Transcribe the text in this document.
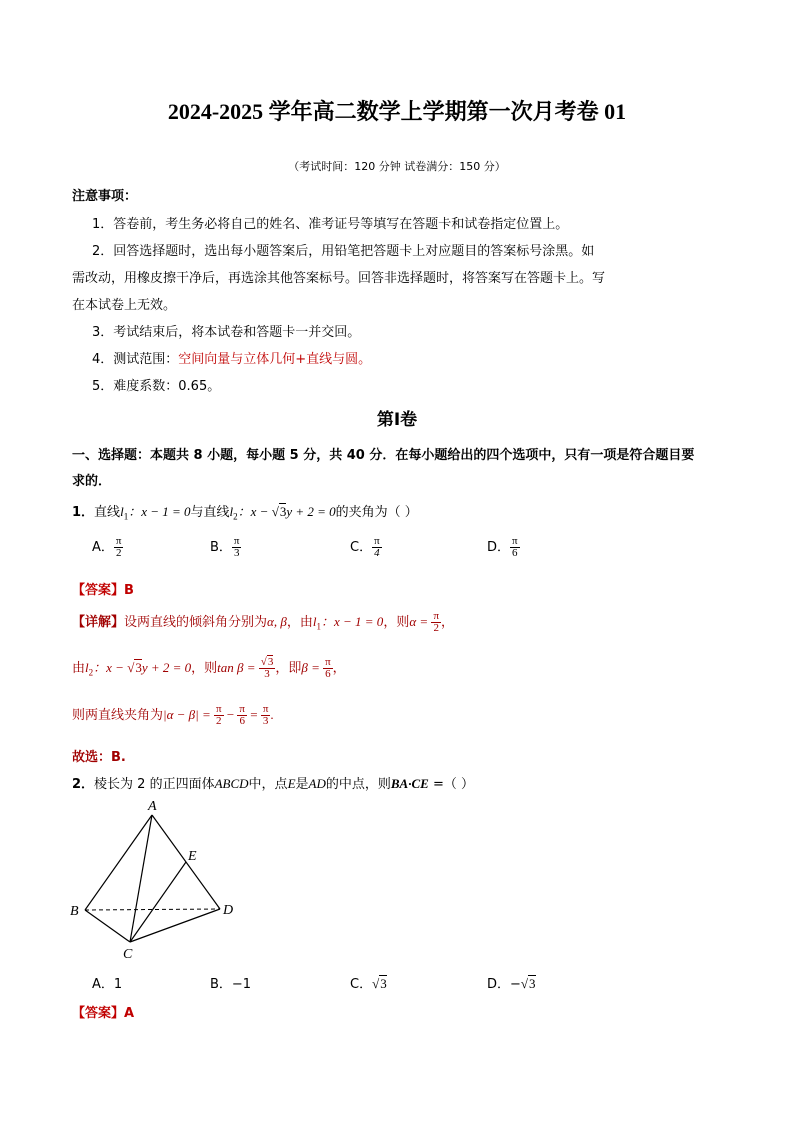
2024-2025 学年高二数学上学期第一次月考卷 01
（考试时间：120 分钟 试卷满分：150 分）
注意事项：
1．答卷前，考生务必将自己的姓名、准考证号等填写在答题卡和试卷指定位置上。
2．回答选择题时，选出每小题答案后，用铅笔把答题卡上对应题目的答案标号涂黑。如
需改动，用橡皮擦干净后，再选涂其他答案标号。回答非选择题时，将答案写在答题卡上。写
在本试卷上无效。
3．考试结束后，将本试卷和答题卡一并交回。
4．测试范围：空间向量与立体几何+直线与圆。
5．难度系数：0.65。
第Ⅰ卷
一、选择题：本题共 8 小题，每小题 5 分，共 40 分．在每小题给出的四个选项中，只有一项是符合题目要
求的．
1．直线$l_1$：x − 1 = 0与直线$l_2$：x − √3y + 2 = 0的夹角为（ ）
A． $\frac{\pi}{2}$	B． $\frac{\pi}{3}$	C． $\frac{\pi}{4}$	D． $\frac{\pi}{6}$
【答案】B
【详解】设两直线的倾斜角分别为α, β，由$l_1$：x − 1 = 0，则$\alpha = \frac{\pi}{2}$ ，
由$l_2$：x − √3y + 2 = 0，则$\tan \beta = \frac{√3}{3}$ ，即$\beta = \frac{\pi}{6}$ ，
则两直线夹角为$|\alpha - \beta| = \frac{\pi}{2} - \frac{\pi}{6} = \frac{\pi}{3}$ .
故选：B.
2．棱长为 2 的正四面体ABCD中，点E是AD的中点，则BA·CE =（ ）
A
B
C
D
E
A．1	B．−1	C．√3	D．−√3
【答案】A
